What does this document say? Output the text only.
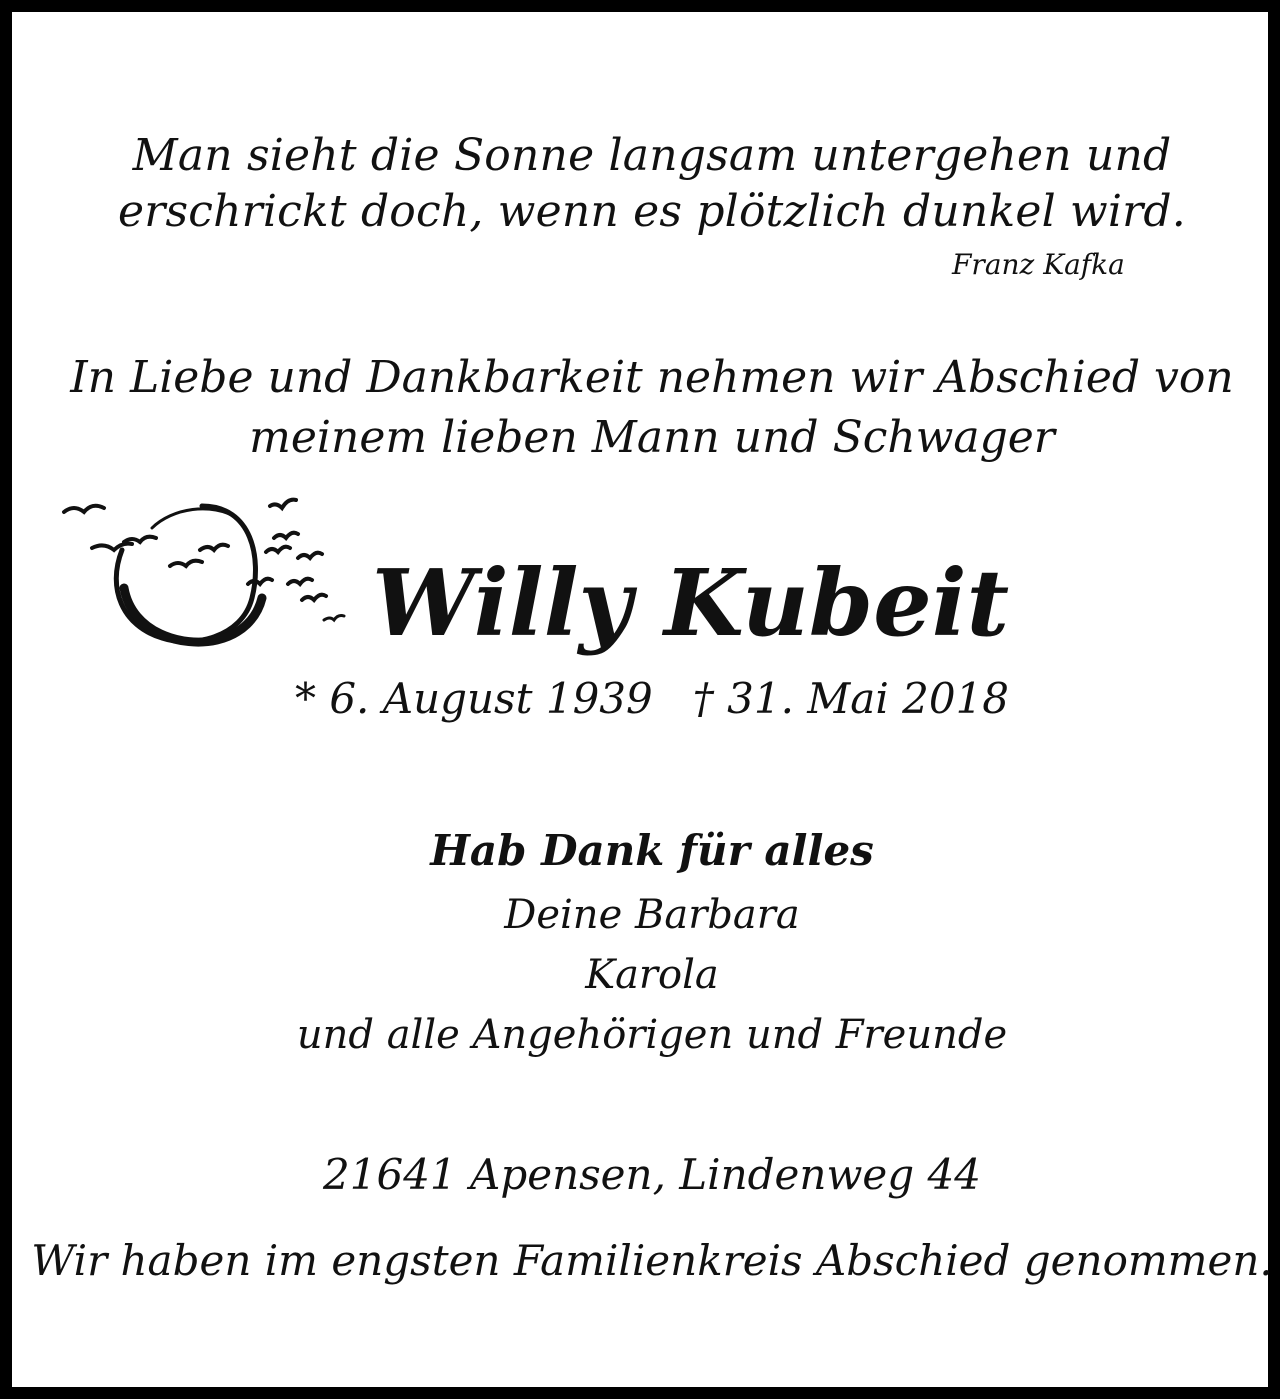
Man sieht die Sonne langsam untergehen und
erschrickt doch, wenn es plötzlich dunkel wird.
Franz Kafka
In Liebe und Dankbarkeit nehmen wir Abschied von
meinem lieben Mann und Schwager
Willy Kubeit
* 6. August 1939 † 31. Mai 2018
Hab Dank für alles
Deine Barbara
Karola
und alle Angehörigen und Freunde
21641 Apensen, Lindenweg 44
Wir haben im engsten Familienkreis Abschied genommen.
